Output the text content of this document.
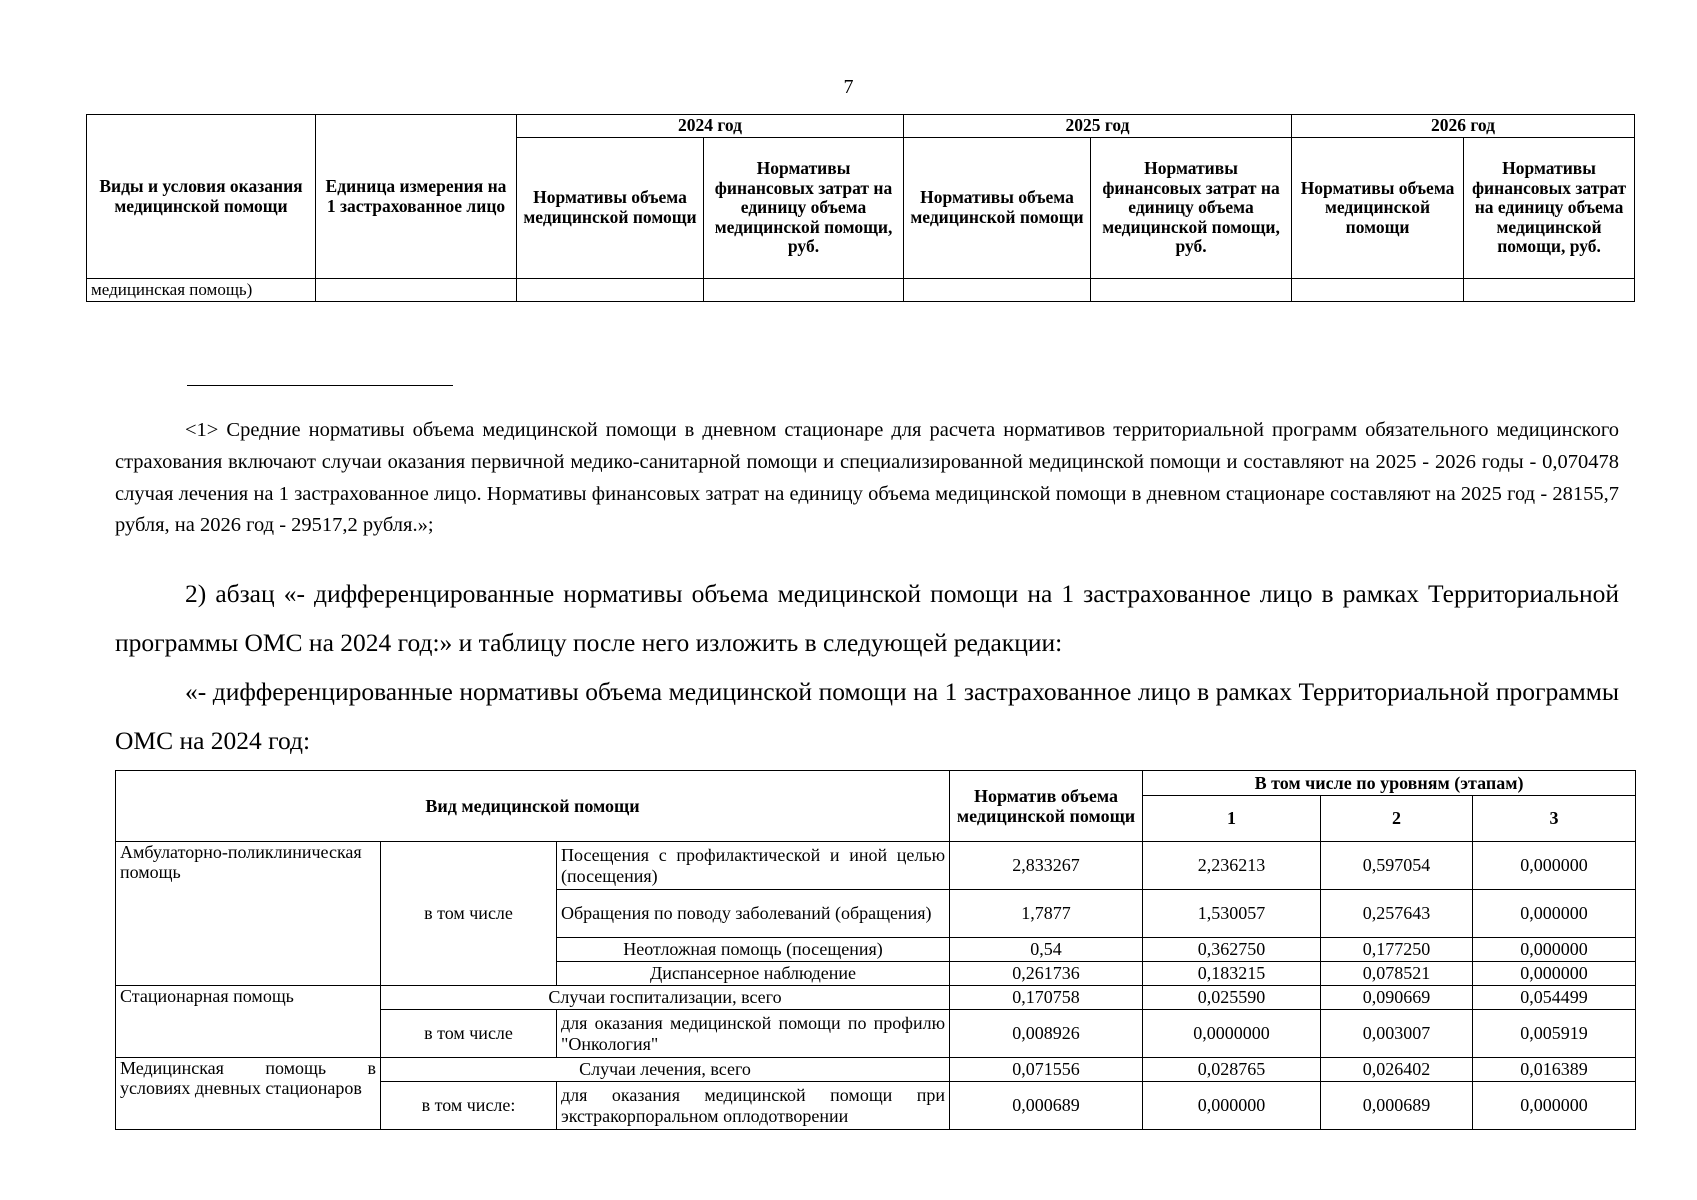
7
Виды и условия оказания медицинской помощи	Единица измерения на 1 застрахованное лицо	2024 год		2025 год		2026 год	
		Нормативы объема медицинской помощи	Нормативы финансовых затрат на единицу объема медицинской помощи, руб.	Нормативы объема медицинской помощи	Нормативы финансовых затрат на единицу объема медицинской помощи, руб.	Нормативы объема медицинской помощи	Нормативы финансовых затрат на единицу объема медицинской помощи, руб.
медицинская помощь)							
<1> Средние нормативы объема медицинской помощи в дневном стационаре для расчета нормативов территориальной программ обязательного медицинского страхования включают случаи оказания первичной медико-санитарной помощи и специализированной медицинской помощи и составляют на 2025 - 2026 годы - 0,070478 случая лечения на 1 застрахованное лицо. Нормативы финансовых затрат на единицу объема медицинской помощи в дневном стационаре составляют на 2025 год - 28155,7 рубля, на 2026 год - 29517,2 рубля.»;
2) абзац «- дифференцированные нормативы объема медицинской помощи на 1 застрахованное лицо в рамках Территориальной программы ОМС на 2024 год:» и таблицу после него изложить в следующей редакции:
«- дифференцированные нормативы объема медицинской помощи на 1 застрахованное лицо в рамках Территориальной программы ОМС на 2024 год:
Вид медицинской помощи			Норматив объема медицинской помощи	В том числе по уровням (этапам)		
				1	2	3
Амбулаторно-поликлиническая помощь	в том числе	Посещения с профилактической и иной целью (посещения)	2,833267	2,236213	0,597054	0,000000
		Обращения по поводу заболеваний (обращения)	1,7877	1,530057	0,257643	0,000000
		Неотложная помощь (посещения)	0,54	0,362750	0,177250	0,000000
		Диспансерное наблюдение	0,261736	0,183215	0,078521	0,000000
Стационарная помощь	Случаи госпитализации, всего		0,170758	0,025590	0,090669	0,054499
	в том числе	для оказания медицинской помощи по профилю "Онкология"	0,008926	0,0000000	0,003007	0,005919
Медицинская помощь в условиях дневных стационаров	Случаи лечения, всего		0,071556	0,028765	0,026402	0,016389
	в том числе:	для оказания медицинской помощи при экстракорпоральном оплодотворении	0,000689	0,000000	0,000689	0,000000
